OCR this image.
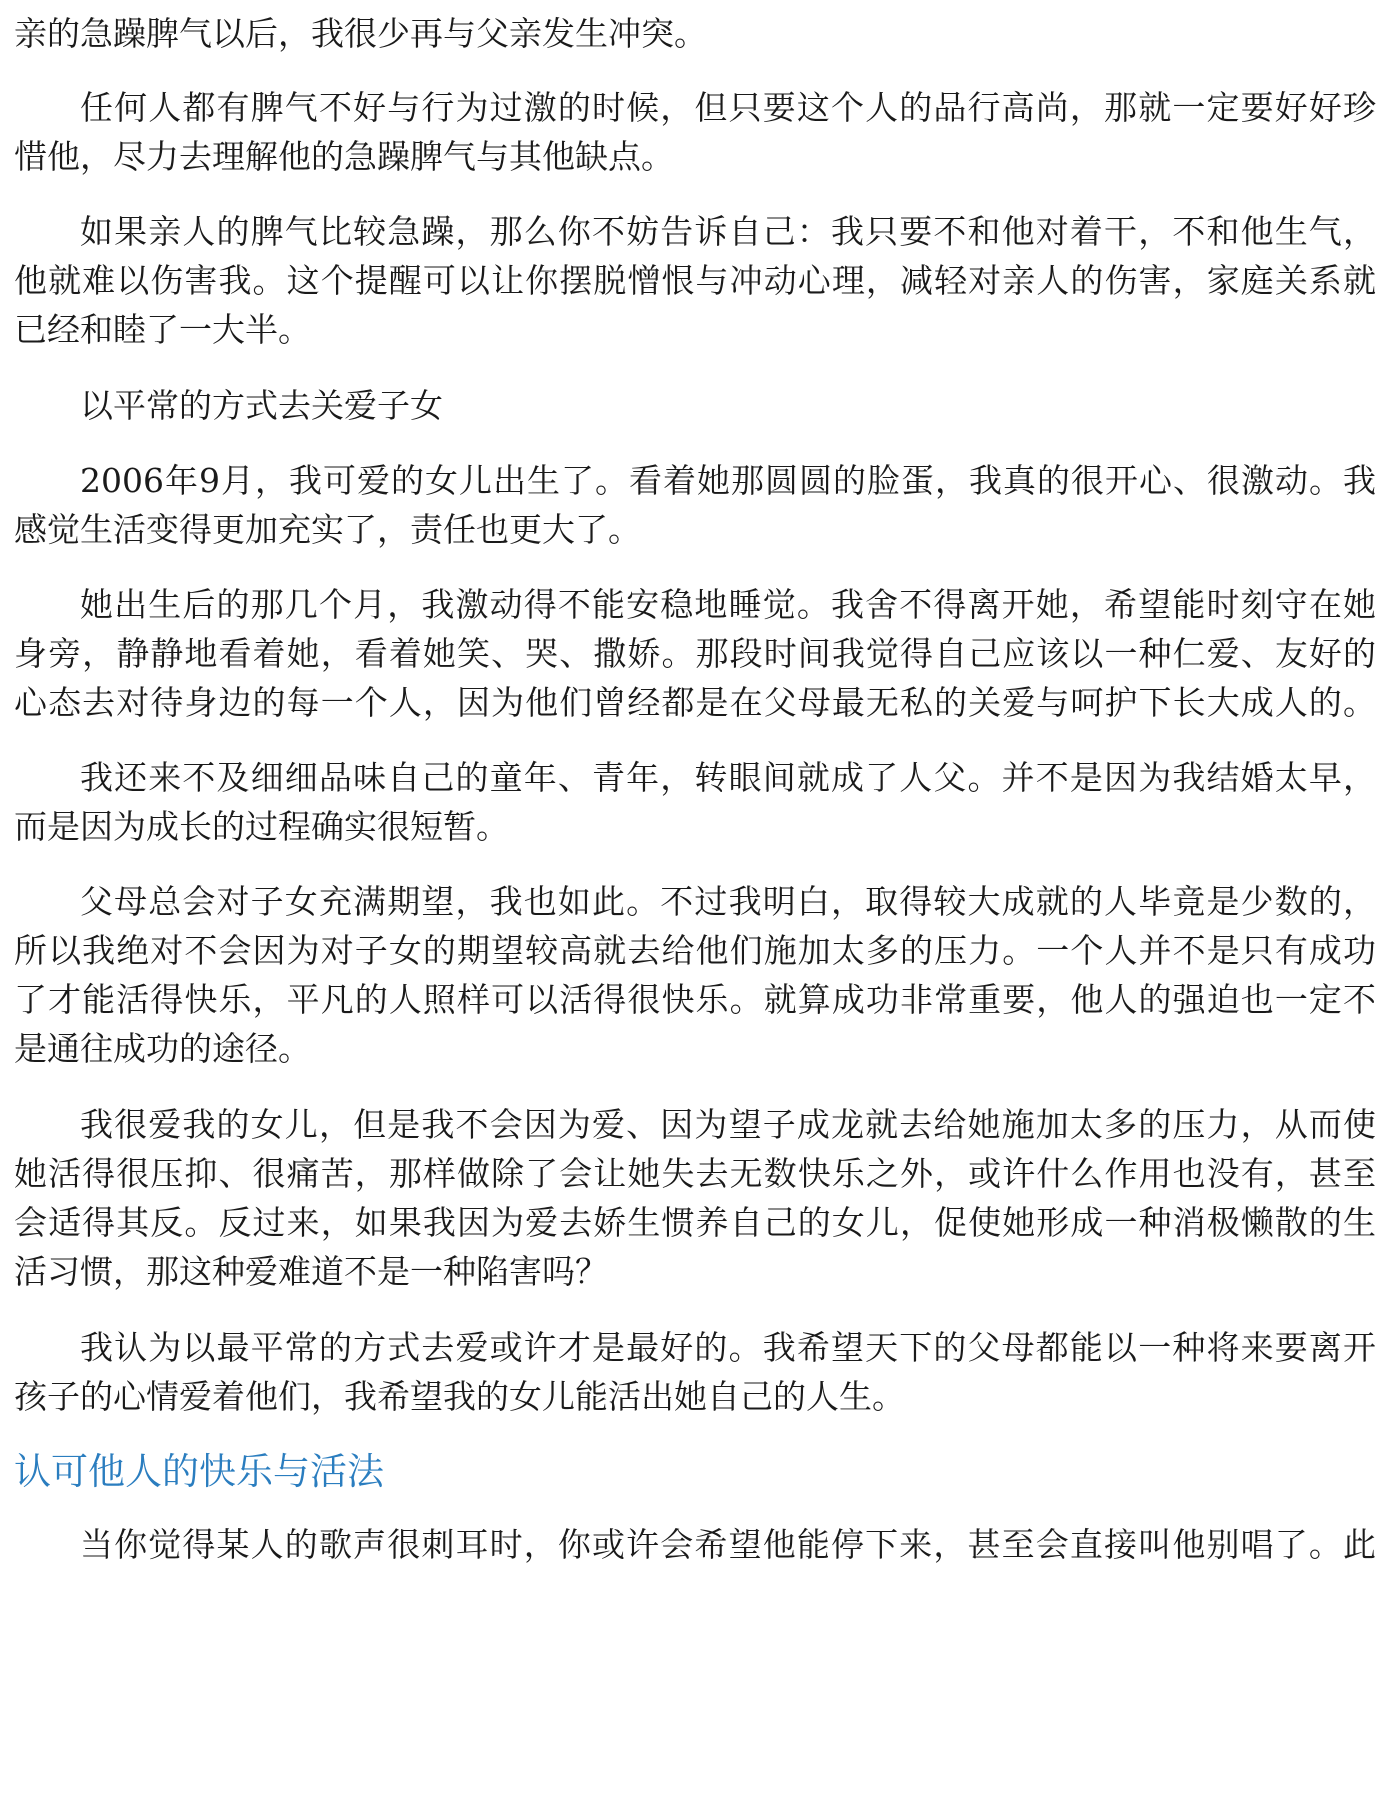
亲的急躁脾气以后，我很少再与父亲发生冲突。
任何人都有脾气不好与行为过激的时候，但只要这个人的品行高尚，那就一定要好好珍
惜他，尽力去理解他的急躁脾气与其他缺点。
如果亲人的脾气比较急躁，那么你不妨告诉自己：我只要不和他对着干，不和他生气，
他就难以伤害我。这个提醒可以让你摆脱憎恨与冲动心理，减轻对亲人的伤害，家庭关系就
已经和睦了一大半。
以平常的方式去关爱子女
2006年9月，我可爱的女儿出生了。看着她那圆圆的脸蛋，我真的很开心、很激动。我
感觉生活变得更加充实了，责任也更大了。
她出生后的那几个月，我激动得不能安稳地睡觉。我舍不得离开她，希望能时刻守在她
身旁，静静地看着她，看着她笑、哭、撒娇。那段时间我觉得自己应该以一种仁爱、友好的
心态去对待身边的每一个人，因为他们曾经都是在父母最无私的关爱与呵护下长大成人的。
我还来不及细细品味自己的童年、青年，转眼间就成了人父。并不是因为我结婚太早，
而是因为成长的过程确实很短暂。
父母总会对子女充满期望，我也如此。不过我明白，取得较大成就的人毕竟是少数的，
所以我绝对不会因为对子女的期望较高就去给他们施加太多的压力。一个人并不是只有成功
了才能活得快乐，平凡的人照样可以活得很快乐。就算成功非常重要，他人的强迫也一定不
是通往成功的途径。
我很爱我的女儿，但是我不会因为爱、因为望子成龙就去给她施加太多的压力，从而使
她活得很压抑、很痛苦，那样做除了会让她失去无数快乐之外，或许什么作用也没有，甚至
会适得其反。反过来，如果我因为爱去娇生惯养自己的女儿，促使她形成一种消极懒散的生
活习惯，那这种爱难道不是一种陷害吗？
我认为以最平常的方式去爱或许才是最好的。我希望天下的父母都能以一种将来要离开
孩子的心情爱着他们，我希望我的女儿能活出她自己的人生。
认可他人的快乐与活法
当你觉得某人的歌声很刺耳时，你或许会希望他能停下来，甚至会直接叫他别唱了。此
